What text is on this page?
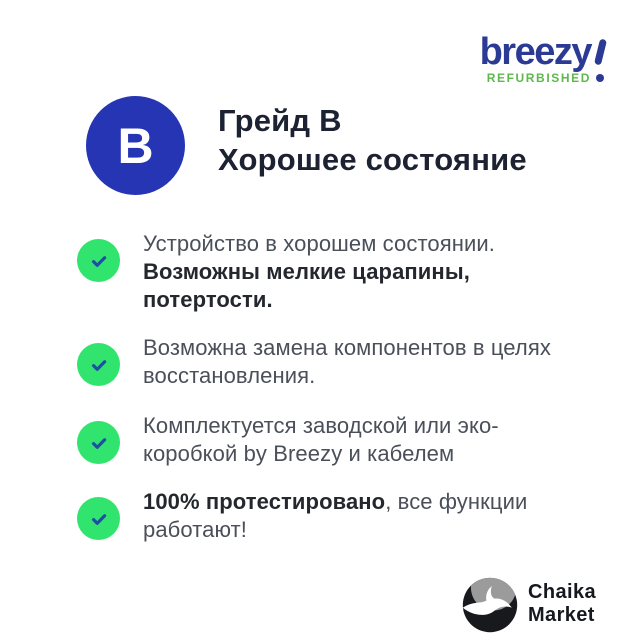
breezy
REFURBISHED
B Грейд B
Хорошее состояние

Устройство в хорошем состоянии. Возможны мелкие царапины, потертости.

Возможна замена компонентов в целях восстановления.

Комплектуется заводской или эко-коробкой by Breezy и кабелем

100% протестировано, все функции работают!

Chaika
Market
